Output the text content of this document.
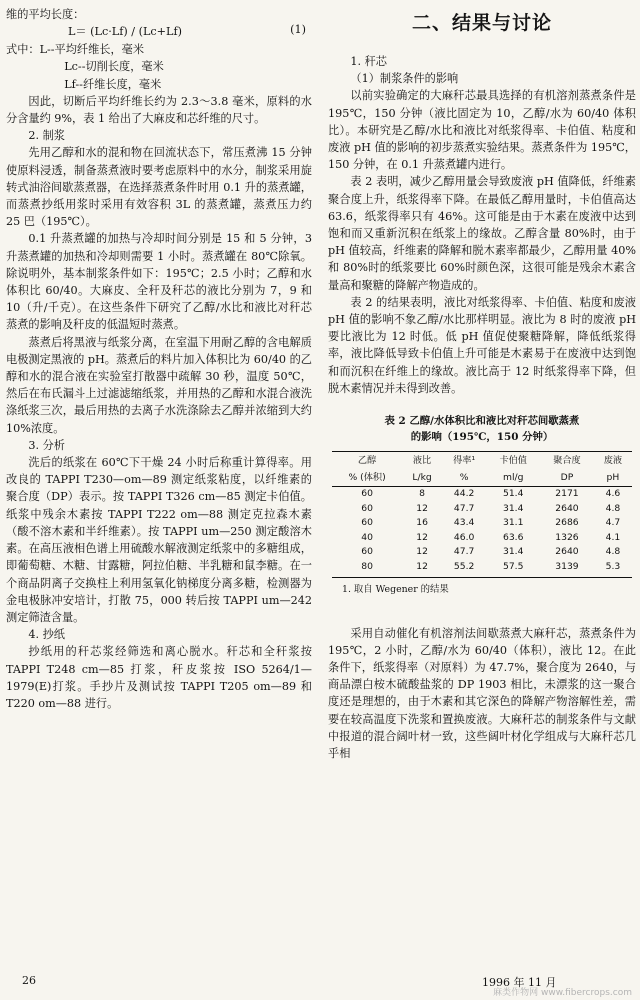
维的平均长度：

L＝ (Lc·Lf) / (Lc+Lf)	(1)

式中：L--平均纤维长，毫米

Lc--切削长度，毫米
Lf--纤维长度，毫米

因此，切断后平均纤维长约为 2.3～3.8 毫米，原料的水分含量约 9%，表 1 给出了大麻皮和芯纤维的尺寸。

2. 制浆

先用乙醇和水的混和物在回流状态下，常压煮沸 15 分钟使原料浸透，制备蒸煮液时要考虑原料中的水分，制浆采用旋转式油浴间歇蒸煮器，在选择蒸煮条件时用 0.1 升的蒸煮罐，而蒸煮抄纸用浆时采用有效容积 3L 的蒸煮罐，蒸煮压力约 25 巴（195℃）。

0.1 升蒸煮罐的加热与冷却时间分别是 15 和 5 分钟，3 升蒸煮罐的加热和冷却则需要 1 小时。蒸煮罐在 80℃除氧。除说明外，基本制浆条件如下：195℃；2.5 小时；乙醇和水体积比 60/40。大麻皮、全秆及秆芯的液比分别为 7，9 和 10（升/千克）。在这些条件下研究了乙醇/水比和液比对秆芯蒸煮的影响及秆皮的低温短时蒸煮。

蒸煮后将黑液与纸浆分离，在室温下用耐乙醇的含电解质电极测定黑液的 pH。蒸煮后的料片加入体积比为 60/40 的乙醇和水的混合液在实验室打散器中疏解 30 秒，温度 50℃，然后在布氏漏斗上过滤滤缩纸浆，并用热的乙醇和水混合液洗涤纸浆三次，最后用热的去离子水洗涤除去乙醇并浓缩到大约 10%浓度。

3. 分析

洗后的纸浆在 60℃下干燥 24 小时后称重计算得率。用改良的 TAPPI T230—om—89 测定纸浆粘度，以纤维素的聚合度（DP）表示。按 TAPPI T326 cm—85 测定卡伯值。纸浆中残余木素按 TAPPI T222 om—88 测定克拉森木素（酸不溶木素和半纤维素）。按 TAPPI um—250 测定酸溶木素。在高压液相色谱上用硫酸水解液测定纸浆中的多糖组成，即葡萄糖、木糖、甘露糖，阿拉伯糖、半乳糖和鼠李糖。在一个商品阴离子交换柱上利用氢氧化钠梯度分离多糖，检测器为金电极脉冲安培计，打散 75，000 转后按 TAPPI um—242 测定筛渣含量。

4. 抄纸

抄纸用的秆芯浆经筛选和离心脱水。秆芯和全秆浆按 TAPPI T248 cm—85 打浆，秆皮浆按 ISO 5264/1—1979(E)打浆。手抄片及测试按 TAPPI T205 om—89 和 T220 om—88 进行。

二、结果与讨论

1. 秆芯

（1）制浆条件的影响

以前实验确定的大麻秆芯最具选择的有机溶剂蒸煮条件是 195℃，150 分钟（液比固定为 10，乙醇/水为 60/40 体积比）。本研究是乙醇/水比和液比对纸浆得率、卡伯值、粘度和废液 pH 值的影响的初步蒸煮实验结果。蒸煮条件为 195℃，150 分钟，在 0.1 升蒸煮罐内进行。

表 2 表明，减少乙醇用量会导致废液 pH 值降低，纤维素聚合度上升，纸浆得率下降。在最低乙醇用量时，卡伯值高达 63.6，纸浆得率只有 46%。这可能是由于木素在废液中达到饱和而又重新沉积在纸浆上的缘故。乙醇含量 80%时，由于 pH 值较高，纤维素的降解和脱木素率都最少，乙醇用量 40%和 80%时的纸浆要比 60%时颜色深，这很可能是残余木素含量高和聚糖的降解产物造成的。

表 2 的结果表明，液比对纸浆得率、卡伯值、粘度和废液 pH 值的影响不象乙醇/水比那样明显。液比为 8 时的废液 pH 要比液比为 12 时低。低 pH 值促使聚糖降解，降低纸浆得率，液比降低导致卡伯值上升可能是木素易于在废液中达到饱和而沉积在纤维上的缘故。液比高于 12 时纸浆得率下降，但脱木素情况并未得到改善。

表 2 乙醇/水体积比和液比对秆芯间歇蒸煮
的影响（195℃，150 分钟）
乙醇	液比	得率¹	卡伯值	聚合度	废液
% (体积)	L/kg	%	ml/g	DP	pH
60	8	44.2	51.4	2171	4.6
60	12	47.7	31.4	2640	4.8
60	16	43.4	31.1	2686	4.7
40	12	46.0	63.6	1326	4.1
60	12	47.7	31.4	2640	4.8
80	12	55.2	57.5	3139	5.3
1. 取自 Wegener 的结果

采用自动催化有机溶剂法间歇蒸煮大麻秆芯，蒸煮条件为 195℃，2 小时，乙醇/水为 60/40（体积），液比 12。在此条件下，纸浆得率（对原料）为 47.7%，聚合度为 2640，与商品漂白桉木硫酸盐浆的 DP 1903 相比，未漂浆的这一聚合度还是理想的，由于木素和其它深色的降解产物溶解性差，需要在较高温度下洗浆和置换废液。大麻秆芯的制浆条件与文献中报道的混合阔叶材一致，这些阔叶材化学组成与大麻秆芯几乎相

26	1996 年 11 月
麻类作物网 www.fibercrops.com
